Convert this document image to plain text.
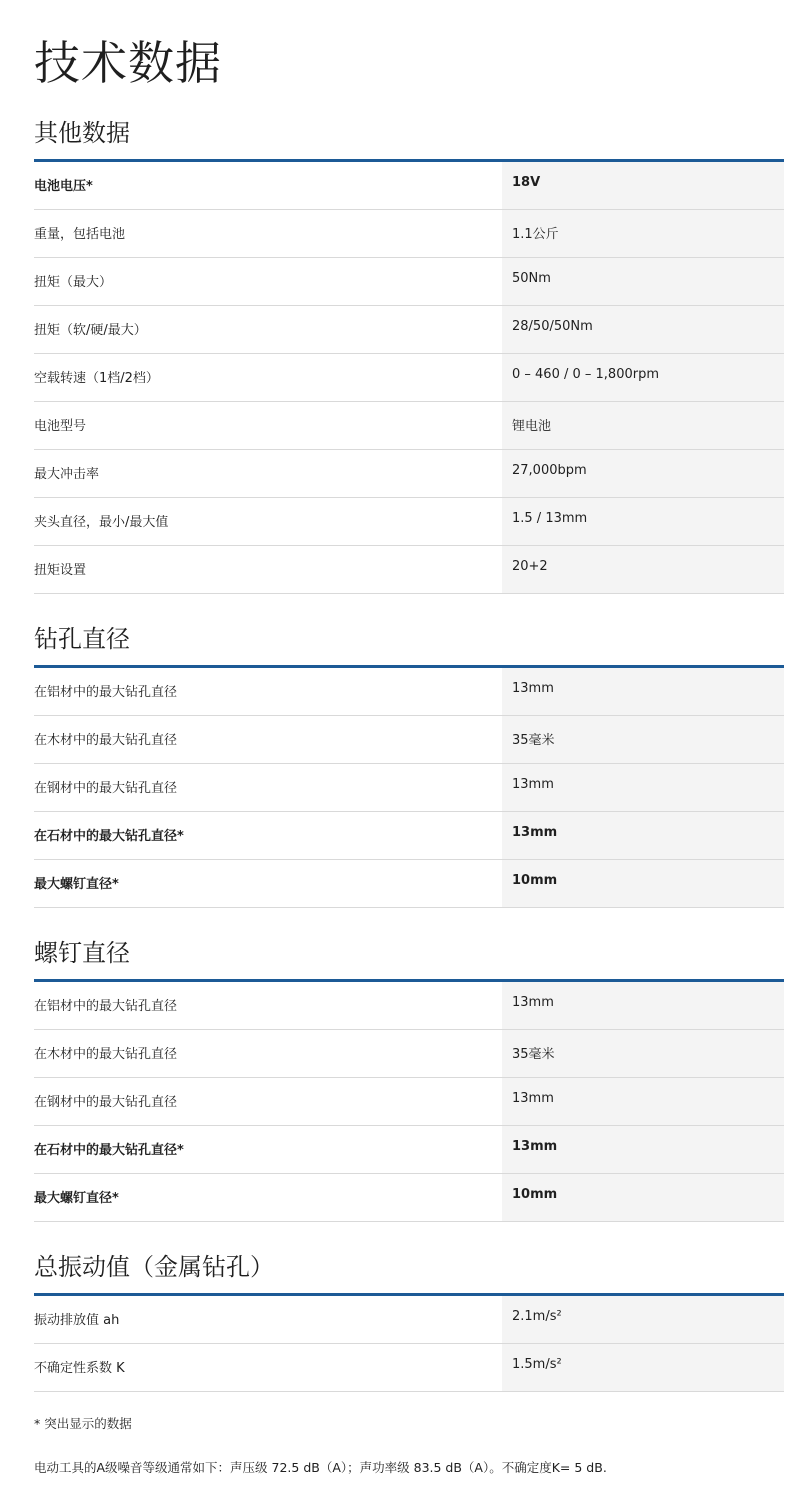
技术数据
其他数据
电池电压*	18V
重量，包括电池	1.1公斤
扭矩（最大）	50Nm
扭矩（软/硬/最大）	28/50/50Nm
空载转速（1档/2档）	0 – 460 / 0 – 1,800rpm
电池型号	锂电池
最大冲击率	27,000bpm
夹头直径，最小/最大值	1.5 / 13mm
扭矩设置	20+2
钻孔直径
在铝材中的最大钻孔直径	13mm
在木材中的最大钻孔直径	35毫米
在钢材中的最大钻孔直径	13mm
在石材中的最大钻孔直径*	13mm
最大螺钉直径*	10mm
螺钉直径
在铝材中的最大钻孔直径	13mm
在木材中的最大钻孔直径	35毫米
在钢材中的最大钻孔直径	13mm
在石材中的最大钻孔直径*	13mm
最大螺钉直径*	10mm
总振动值（金属钻孔）
振动排放值 ah	2.1m/s²
不确定性系数 K	1.5m/s²
* 突出显示的数据
电动工具的A级噪音等级通常如下：声压级 72.5 dB（A）；声功率级 83.5 dB（A）。不确定度K= 5 dB.
